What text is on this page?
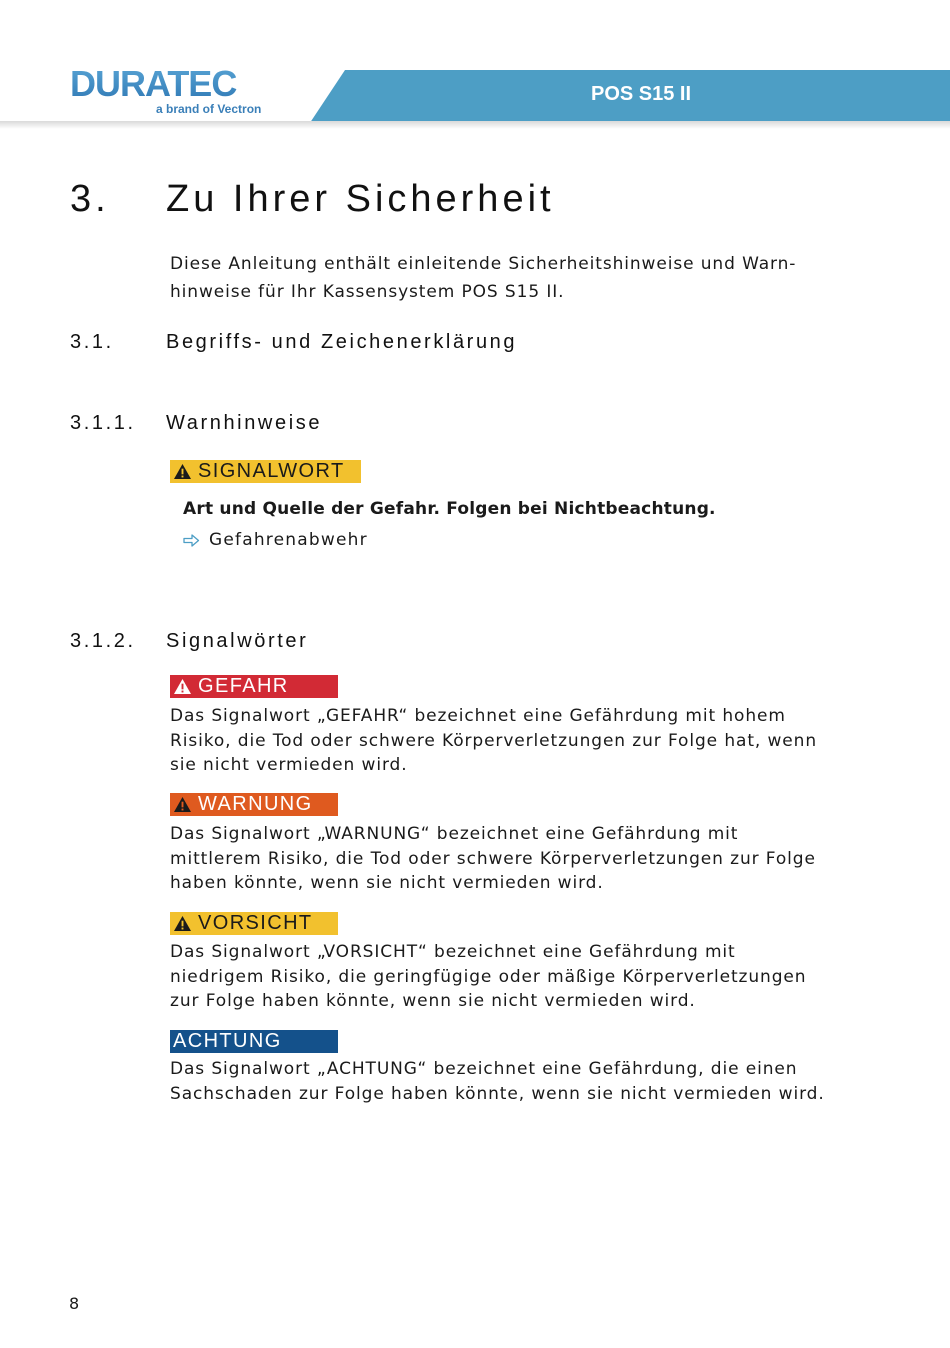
DURATEC

a brand of Vectron

POS S15 II

3. Zu Ihrer Sicherheit

Diese Anleitung enthält einleitende Sicherheitshinweise und Warn-
hinweise für Ihr Kassensystem POS S15 II.

3.1.	Begriffs- und Zeichenerklärung
3.1.1. Warnhinweise
SIGNALWORT

Art und Quelle der Gefahr. Folgen bei Nichtbeachtung.

Gefahrenabwehr

3.1.2. Signalwörter
GEFAHR

Das Signalwort „GEFAHR“ bezeichnet eine Gefährdung mit hohem
Risiko, die Tod oder schwere Körperverletzungen zur Folge hat, wenn
sie nicht vermieden wird.

WARNUNG

Das Signalwort „WARNUNG“ bezeichnet eine Gefährdung mit
mittlerem Risiko, die Tod oder schwere Körperverletzungen zur Folge
haben könnte, wenn sie nicht vermieden wird.

VORSICHT

Das Signalwort „VORSICHT“ bezeichnet eine Gefährdung mit
niedrigem Risiko, die geringfügige oder mäßige Körperverletzungen
zur Folge haben könnte, wenn sie nicht vermieden wird.

ACHTUNG

Das Signalwort „ACHTUNG“ bezeichnet eine Gefährdung, die einen
Sachschaden zur Folge haben könnte, wenn sie nicht vermieden wird.

8
